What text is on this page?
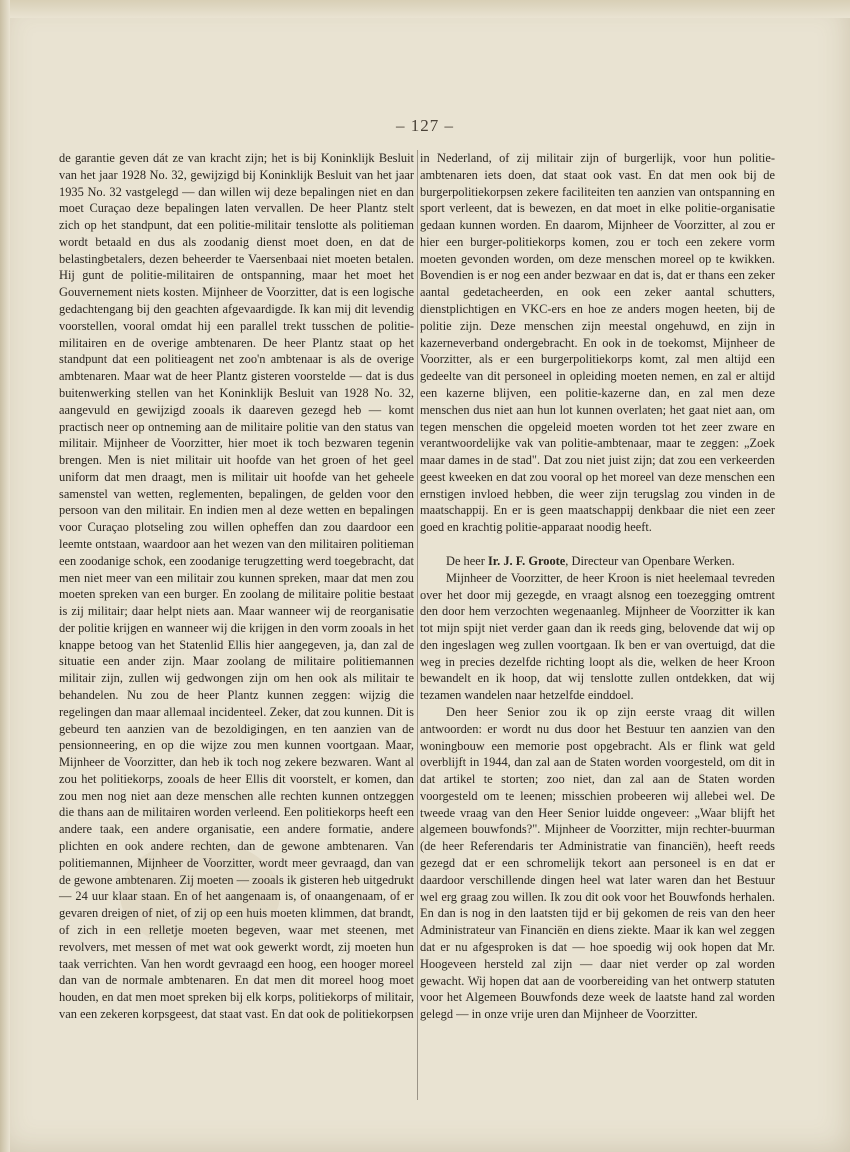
– 127 –

de garantie geven dát ze van kracht zijn; het is bij Koninklijk Besluit van het jaar 1928 No. 32, gewijzigd bij Koninklijk Besluit van het jaar 1935 No. 32 vastgelegd — dan willen wij deze bepalingen niet en dan moet Curaçao deze bepalingen laten vervallen. De heer Plantz stelt zich op het standpunt, dat een politie-militair tenslotte als politieman wordt betaald en dus als zoodanig dienst moet doen, en dat de belastingbetalers, dezen beheerder te Vaersenbaai niet moeten betalen. Hij gunt de politie-militairen de ontspanning, maar het moet het Gouvernement niets kosten. Mijnheer de Voorzitter, dat is een logische gedachtengang bij den geachten afgevaardigde. Ik kan mij dit levendig voorstellen, vooral omdat hij een parallel trekt tusschen de politie-militairen en de overige ambtenaren. De heer Plantz staat op het standpunt dat een politieagent net zoo'n ambtenaar is als de overige ambtenaren. Maar wat de heer Plantz gisteren voorstelde — dat is dus buitenwerking stellen van het Koninklijk Besluit van 1928 No. 32, aangevuld en gewijzigd zooals ik daareven gezegd heb — komt practisch neer op ontneming aan de militaire politie van den status van militair. Mijnheer de Voorzitter, hier moet ik toch bezwaren tegenin brengen. Men is niet militair uit hoofde van het groen of het geel uniform dat men draagt, men is militair uit hoofde van het geheele samenstel van wetten, reglementen, bepalingen, de gelden voor den persoon van den militair. En indien men al deze wetten en bepalingen voor Curaçao plotseling zou willen opheffen dan zou daardoor een leemte ontstaan, waardoor aan het wezen van den militairen politieman een zoodanige schok, een zoodanige terugzetting werd toegebracht, dat men niet meer van een militair zou kunnen spreken, maar dat men zou moeten spreken van een burger. En zoolang de militaire politie bestaat is zij militair; daar helpt niets aan. Maar wanneer wij de reorganisatie der politie krijgen en wanneer wij die krijgen in den vorm zooals in het knappe betoog van het Statenlid Ellis hier aangegeven, ja, dan zal de situatie een ander zijn. Maar zoolang de militaire politiemannen militair zijn, zullen wij gedwongen zijn om hen ook als militair te behandelen. Nu zou de heer Plantz kunnen zeggen: wijzig die regelingen dan maar allemaal incidenteel. Zeker, dat zou kunnen. Dit is gebeurd ten aanzien van de bezoldigingen, en ten aanzien van de pensionneering, en op die wijze zou men kunnen voortgaan. Maar, Mijnheer de Voorzitter, dan heb ik toch nog zekere bezwaren. Want al zou het politiekorps, zooals de heer Ellis dit voorstelt, er komen, dan zou men nog niet aan deze menschen alle rechten kunnen ontzeggen die thans aan de militairen worden verleend. Een politiekorps heeft een andere taak, een andere organisatie, een andere formatie, andere plichten en ook andere rechten, dan de gewone ambtenaren. Van politiemannen, Mijnheer de Voorzitter, wordt meer gevraagd, dan van de gewone ambtenaren. Zij moeten — zooals ik gisteren heb uitgedrukt — 24 uur klaar staan. En of het aangenaam is, of onaangenaam, of er gevaren dreigen of niet, of zij op een huis moeten klimmen, dat brandt, of zich in een relletje moeten begeven, waar met steenen, met revolvers, met messen of met wat ook gewerkt wordt, zij moeten hun taak verrichten. Van hen wordt gevraagd een hoog, een hooger moreel dan van de normale ambtenaren. En dat men dit moreel hoog moet houden, en dat men moet spreken bij elk korps, politiekorps of militair, van een zekeren korpsgeest, dat staat vast. En dat ook de politiekorpsen

in Nederland, of zij militair zijn of burgerlijk, voor hun politie-ambtenaren iets doen, dat staat ook vast. En dat men ook bij de burgerpolitiekorpsen zekere faciliteiten ten aanzien van ontspanning en sport verleent, dat is bewezen, en dat moet in elke politie-organisatie gedaan kunnen worden. En daarom, Mijnheer de Voorzitter, al zou er hier een burger-politiekorps komen, zou er toch een zekere vorm moeten gevonden worden, om deze menschen moreel op te kwikken. Bovendien is er nog een ander bezwaar en dat is, dat er thans een zeker aantal gedetacheerden, en ook een zeker aantal schutters, dienstplichtigen en VKC-ers en hoe ze anders mogen heeten, bij de politie zijn. Deze menschen zijn meestal ongehuwd, en zijn in kazerneverband ondergebracht. En ook in de toekomst, Mijnheer de Voorzitter, als er een burgerpolitiekorps komt, zal men altijd een gedeelte van dit personeel in opleiding moeten nemen, en zal er altijd een kazerne blijven, een politie-kazerne dan, en zal men deze menschen dus niet aan hun lot kunnen overlaten; het gaat niet aan, om tegen menschen die opgeleid moeten worden tot het zeer zware en verantwoordelijke vak van politie-ambtenaar, maar te zeggen: „Zoek maar dames in de stad". Dat zou niet juist zijn; dat zou een verkeerden geest kweeken en dat zou vooral op het moreel van deze menschen een ernstigen invloed hebben, die weer zijn terugslag zou vinden in de maatschappij. En er is geen maatschappij denkbaar die niet een zeer goed en krachtig politie-apparaat noodig heeft.

De heer Ir. J. F. Groote, Directeur van Openbare Werken.

Mijnheer de Voorzitter, de heer Kroon is niet heelemaal tevreden over het door mij gezegde, en vraagt alsnog een toezegging omtrent den door hem verzochten wegenaanleg. Mijnheer de Voorzitter ik kan tot mijn spijt niet verder gaan dan ik reeds ging, belovende dat wij op den ingeslagen weg zullen voortgaan. Ik ben er van overtuigd, dat die weg in precies dezelfde richting loopt als die, welken de heer Kroon bewandelt en ik hoop, dat wij tenslotte zullen ontdekken, dat wij tezamen wandelen naar hetzelfde einddoel.

Den heer Senior zou ik op zijn eerste vraag dit willen antwoorden: er wordt nu dus door het Bestuur ten aanzien van den woningbouw een memorie post opgebracht. Als er flink wat geld overblijft in 1944, dan zal aan de Staten worden voorgesteld, om dit in dat artikel te storten; zoo niet, dan zal aan de Staten worden voorgesteld om te leenen; misschien probeeren wij allebei wel. De tweede vraag van den Heer Senior luidde ongeveer: „Waar blijft het algemeen bouwfonds?". Mijnheer de Voorzitter, mijn rechter-buurman (de heer Referendaris ter Administratie van financiën), heeft reeds gezegd dat er een schromelijk tekort aan personeel is en dat er daardoor verschillende dingen heel wat later waren dan het Bestuur wel erg graag zou willen. Ik zou dit ook voor het Bouwfonds herhalen. En dan is nog in den laatsten tijd er bij gekomen de reis van den heer Administrateur van Financiën en diens ziekte. Maar ik kan wel zeggen dat er nu afgesproken is dat — hoe spoedig wij ook hopen dat Mr. Hoogeveen hersteld zal zijn — daar niet verder op zal worden gewacht. Wij hopen dat aan de voorbereiding van het ontwerp statuten voor het Algemeen Bouwfonds deze week de laatste hand zal worden gelegd — in onze vrije uren dan Mijnheer de Voorzitter.
